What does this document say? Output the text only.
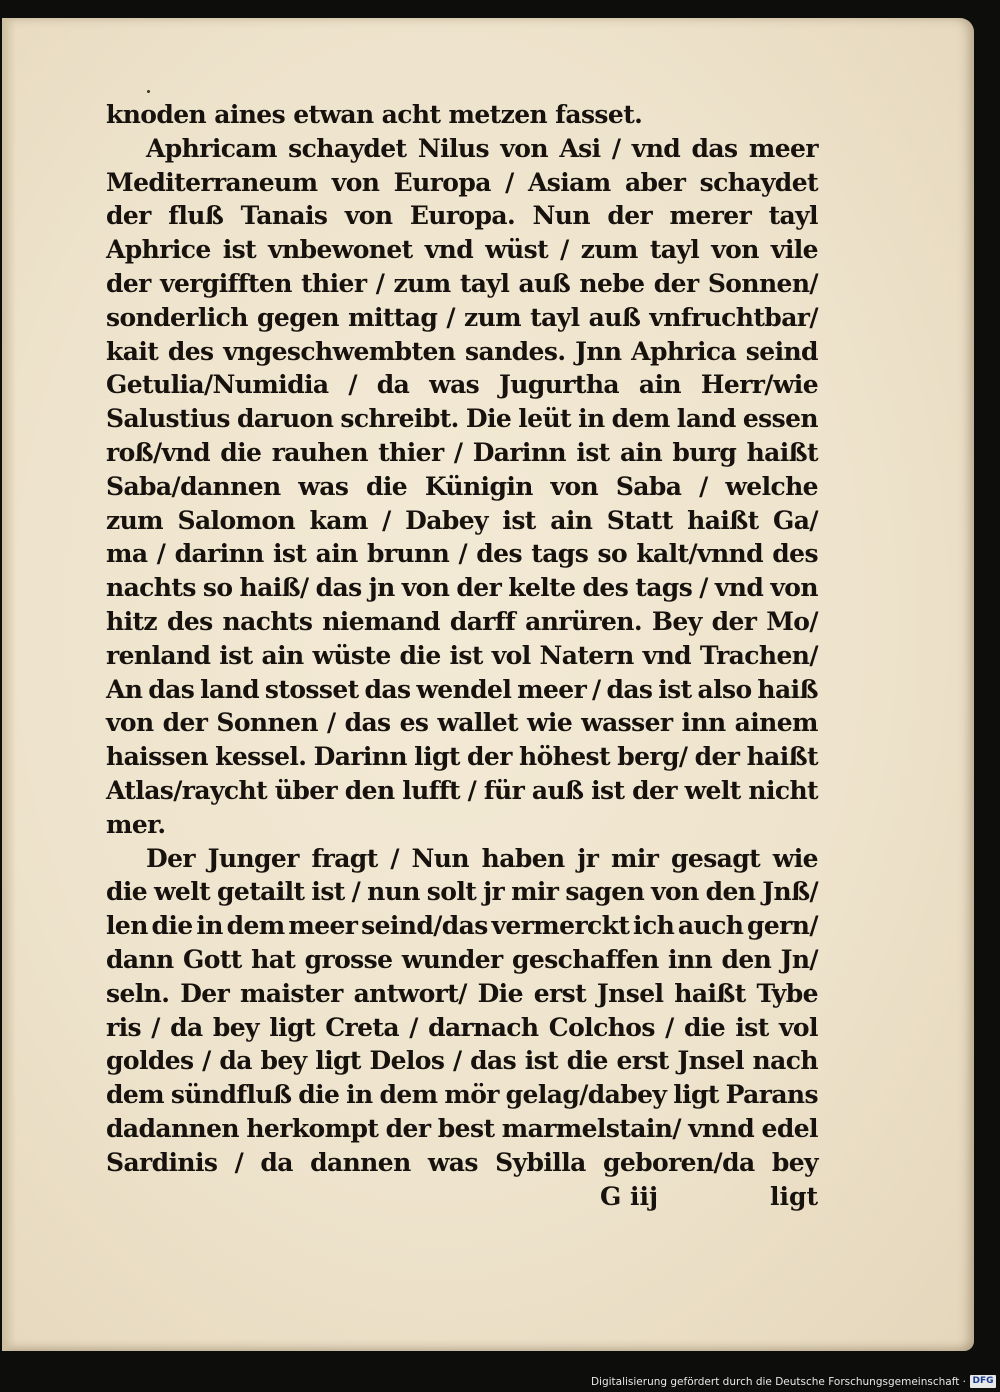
knoden aines etwan acht metzen fasset.
Aphricam schaydet Nilus von Asi / vnd das meer
Mediterraneum von Europa / Asiam aber schaydet
der fluß Tanais von Europa. Nun der merer tayl
Aphrice ist vnbewonet vnd wüst / zum tayl von vile
der vergifften thier / zum tayl auß nebe der Sonnen/
sonderlich gegen mittag / zum tayl auß vnfruchtbar/
kait des vngeschwembten sandes. Jnn Aphrica seind
Getulia/Numidia / da was Jugurtha ain Herr/wie
Salustius daruon schreibt. Die leüt in dem land essen
roß/vnd die rauhen thier / Darinn ist ain burg haißt
Saba/dannen was die Künigin von Saba / welche
zum Salomon kam / Dabey ist ain Statt haißt Ga/
ma / darinn ist ain brunn / des tags so kalt/vnnd des
nachts so haiß/ das jn von der kelte des tags / vnd von
hitz des nachts niemand darff anrüren. Bey der Mo/
renland ist ain wüste die ist vol Natern vnd Trachen/
An das land stosset das wendel meer / das ist also haiß
von der Sonnen / das es wallet wie wasser inn ainem
haissen kessel. Darinn ligt der höhest berg/ der haißt
Atlas/raycht über den lufft / für auß ist der welt nicht
mer.
Der Junger fragt / Nun haben jr mir gesagt wie
die welt getailt ist / nun solt jr mir sagen von den Jnß/
len die in dem meer seind/das vermerckt ich auch gern/
dann Gott hat grosse wunder geschaffen inn den Jn/
seln. Der maister antwort/ Die erst Jnsel haißt Tybe
ris / da bey ligt Creta / darnach Colchos / die ist vol
goldes / da bey ligt Delos / das ist die erst Jnsel nach
dem sündfluß die in dem mör gelag/dabey ligt Parans
dadannen herkompt der best marmelstain/ vnnd edel
Sardinis / da dannen was Sybilla geboren/da bey
G iij	ligt
Digitalisierung gefördert durch die Deutsche Forschungsgemeinschaft · DFG
